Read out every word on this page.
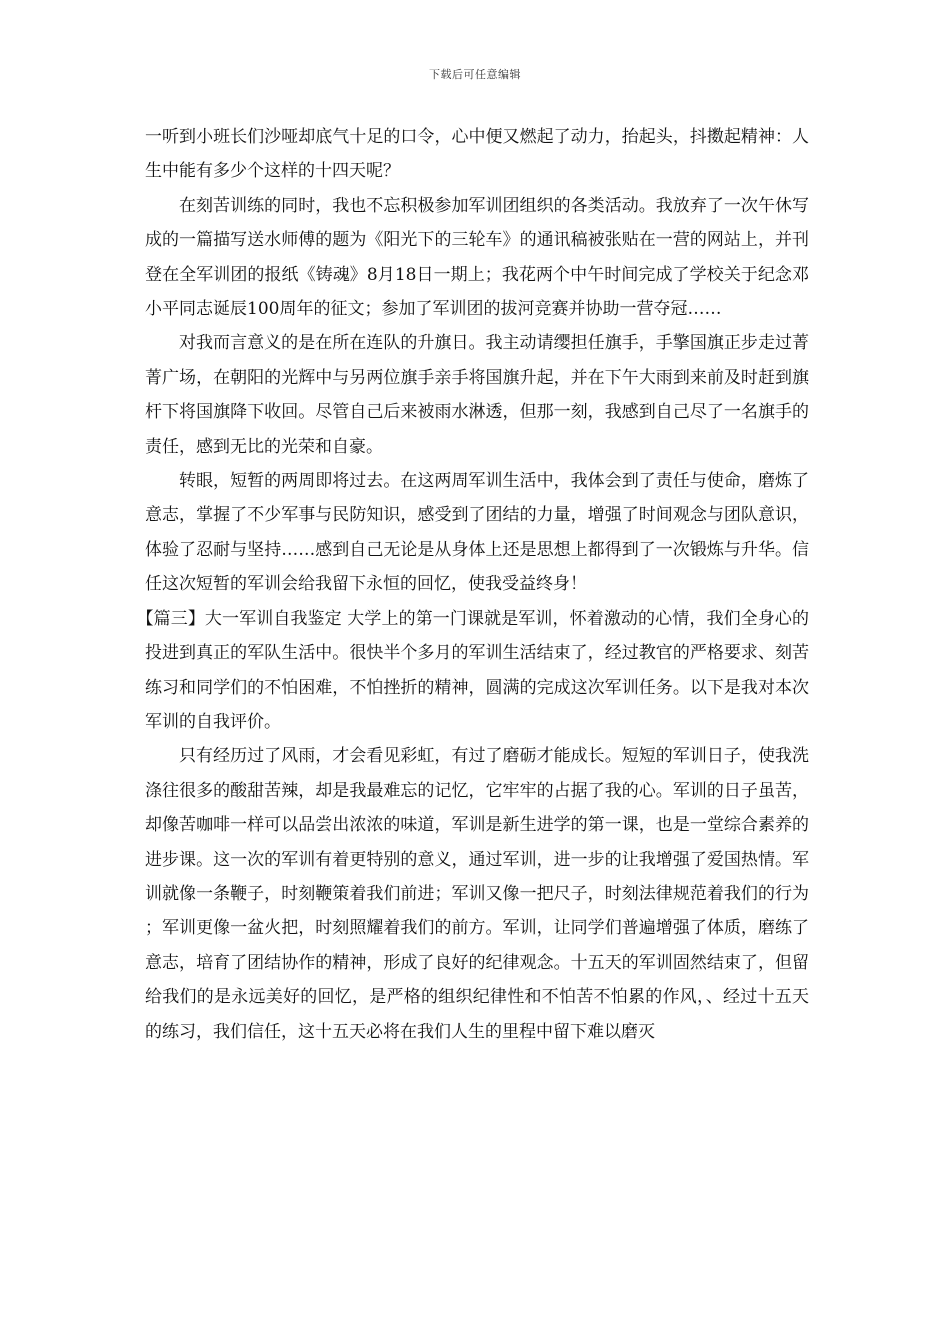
下载后可任意编辑

一听到小班长们沙哑却底气十足的口令，心中便又燃起了动力，抬起头，抖擞起精神：人生中能有多少个这样的十四天呢？

在刻苦训练的同时，我也不忘积极参加军训团组织的各类活动。我放弃了一次午休写成的一篇描写送水师傅的题为《阳光下的三轮车》的通讯稿被张贴在一营的网站上，并刊登在全军训团的报纸《铸魂》8月18日一期上；我花两个中午时间完成了学校关于纪念邓小平同志诞辰100周年的征文；参加了军训团的拔河竞赛并协助一营夺冠……

对我而言意义的是在所在连队的升旗日。我主动请缨担任旗手，手擎国旗正步走过菁菁广场，在朝阳的光辉中与另两位旗手亲手将国旗升起，并在下午大雨到来前及时赶到旗杆下将国旗降下收回。尽管自己后来被雨水淋透，但那一刻，我感到自己尽了一名旗手的责任，感到无比的光荣和自豪。

转眼，短暂的两周即将过去。在这两周军训生活中，我体会到了责任与使命，磨炼了意志，掌握了不少军事与民防知识，感受到了团结的力量，增强了时间观念与团队意识，体验了忍耐与坚持……感到自己无论是从身体上还是思想上都得到了一次锻炼与升华。信任这次短暂的军训会给我留下永恒的回忆，使我受益终身！

【篇三】大一军训自我鉴定 大学上的第一门课就是军训，怀着激动的心情，我们全身心的投进到真正的军队生活中。很快半个多月的军训生活结束了，经过教官的严格要求、刻苦练习和同学们的不怕困难，不怕挫折的精神，圆满的完成这次军训任务。以下是我对本次军训的自我评价。

只有经历过了风雨，才会看见彩虹，有过了磨砺才能成长。短短的军训日子，使我洗涤往很多的酸甜苦辣，却是我最难忘的记忆，它牢牢的占据了我的心。军训的日子虽苦，却像苦咖啡一样可以品尝出浓浓的味道，军训是新生进学的第一课，也是一堂综合素养的进步课。这一次的军训有着更特别的意义，通过军训，进一步的让我增强了爱国热情。军训就像一条鞭子，时刻鞭策着我们前进；军训又像一把尺子，时刻法律规范着我们的行为；军训更像一盆火把，时刻照耀着我们的前方。军训，让同学们普遍增强了体质，磨练了意志，培育了团结协作的精神，形成了良好的纪律观念。十五天的军训固然结束了，但留给我们的是永远美好的回忆，是严格的组织纪律性和不怕苦不怕累的作风，、经过十五天的练习，我们信任，这十五天必将在我们人生的里程中留下难以磨灭
